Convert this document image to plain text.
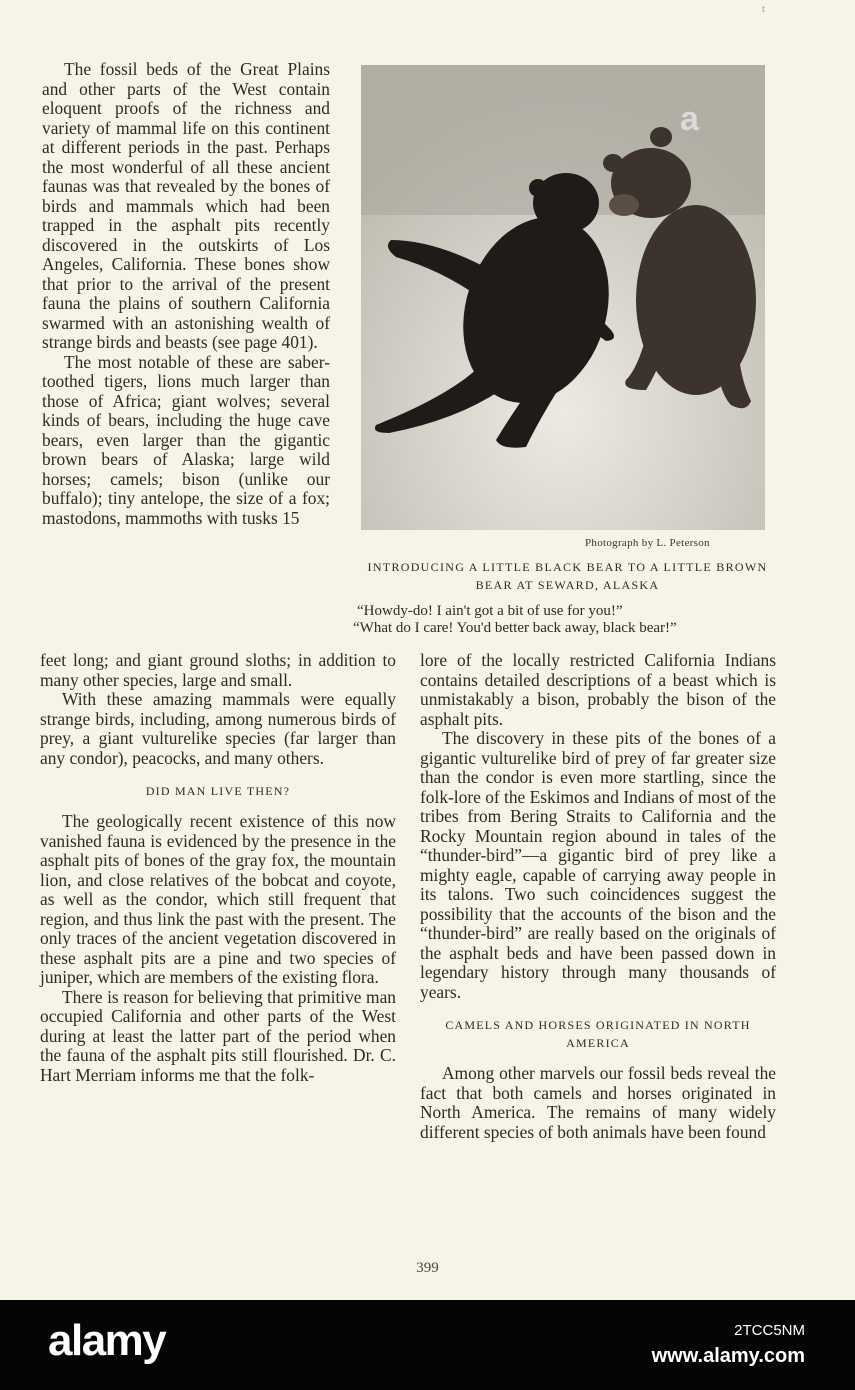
t

The fossil beds of the Great Plains and other parts of the West contain eloquent proofs of the richness and variety of mammal life on this continent at different periods in the past. Perhaps the most wonderful of all these ancient faunas was that revealed by the bones of birds and mammals which had been trapped in the asphalt pits recently discovered in the outskirts of Los Angeles, California. These bones show that prior to the arrival of the present fauna the plains of southern California swarmed with an astonishing wealth of strange birds and beasts (see page 401).

The most notable of these are saber-toothed tigers, lions much larger than those of Africa; giant wolves; several kinds of bears, including the huge cave bears, even larger than the gigantic brown bears of Alaska; large wild horses; camels; bison (unlike our buffalo); tiny antelope, the size of a fox; mastodons, mammoths with tusks 15

Photograph by L. Peterson
INTRODUCING A LITTLE BLACK BEAR TO A LITTLE BROWN BEAR AT SEWARD, ALASKA
“Howdy-do! I ain't got a bit of use for you!”
“What do I care! You'd better back away, black bear!”

feet long; and giant ground sloths; in addition to many other species, large and small.

With these amazing mammals were equally strange birds, including, among numerous birds of prey, a giant vulturelike species (far larger than any condor), peacocks, and many others.

DID MAN LIVE THEN?

The geologically recent existence of this now vanished fauna is evidenced by the presence in the asphalt pits of bones of the gray fox, the mountain lion, and close relatives of the bobcat and coyote, as well as the condor, which still frequent that region, and thus link the past with the present. The only traces of the ancient vegetation discovered in these asphalt pits are a pine and two species of juniper, which are members of the existing flora.

There is reason for believing that primitive man occupied California and other parts of the West during at least the latter part of the period when the fauna of the asphalt pits still flourished. Dr. C. Hart Merriam informs me that the folk-

lore of the locally restricted California Indians contains detailed descriptions of a beast which is unmistakably a bison, probably the bison of the asphalt pits.

The discovery in these pits of the bones of a gigantic vulturelike bird of prey of far greater size than the condor is even more startling, since the folk-lore of the Eskimos and Indians of most of the tribes from Bering Straits to California and the Rocky Mountain region abound in tales of the “thunder-bird”—a gigantic bird of prey like a mighty eagle, capable of carrying away people in its talons. Two such coincidences suggest the possibility that the accounts of the bison and the “thunder-bird” are really based on the originals of the asphalt beds and have been passed down in legendary history through many thousands of years.

CAMELS AND HORSES ORIGINATED IN NORTH AMERICA

Among other marvels our fossil beds reveal the fact that both camels and horses originated in North America. The remains of many widely different species of both animals have been found

399
a
alamy	2TCC5NM
www.alamy.com
